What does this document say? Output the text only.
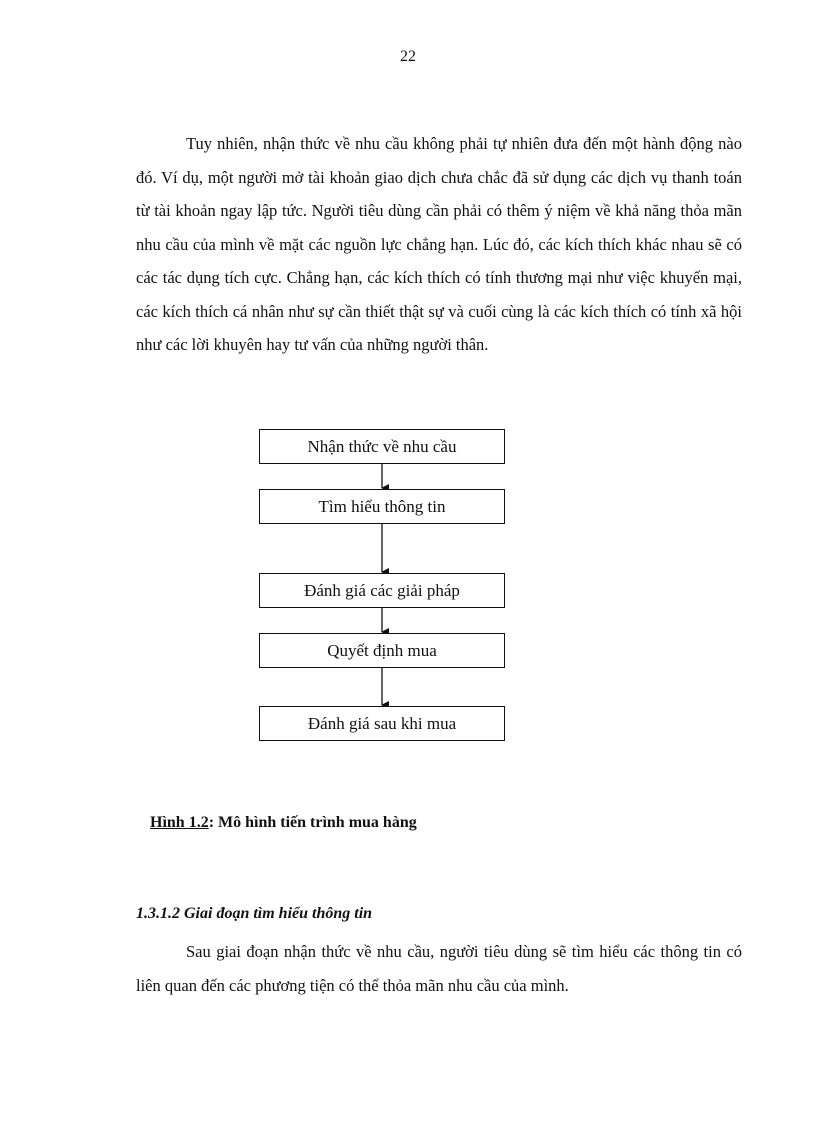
22

Tuy nhiên, nhận thức về nhu cầu không phải tự nhiên đưa đến một hành động nào đó. Ví dụ, một người mở tài khoản giao dịch chưa chắc đã sử dụng các dịch vụ thanh toán từ tài khoản ngay lập tức. Người tiêu dùng cần phải có thêm ý niệm về khả năng thỏa mãn nhu cầu của mình về mặt các nguồn lực chẳng hạn. Lúc đó, các kích thích khác nhau sẽ có các tác dụng tích cực. Chẳng hạn, các kích thích có tính thương mại như việc khuyến mại, các kích thích cá nhân như sự cần thiết thật sự và cuối cùng là các kích thích có tính xã hội như các lời khuyên hay tư vấn của những người thân.

Nhận thức về nhu cầu
Tìm hiểu thông tin
Đánh giá các giải pháp
Quyết định mua
Đánh giá sau khi mua
Hình 1.2: Mô hình tiến trình mua hàng
1.3.1.2 Giai đoạn tìm hiểu thông tin

Sau giai đoạn nhận thức về nhu cầu, người tiêu dùng sẽ tìm hiểu các thông tin có liên quan đến các phương tiện có thể thỏa mãn nhu cầu của mình.
